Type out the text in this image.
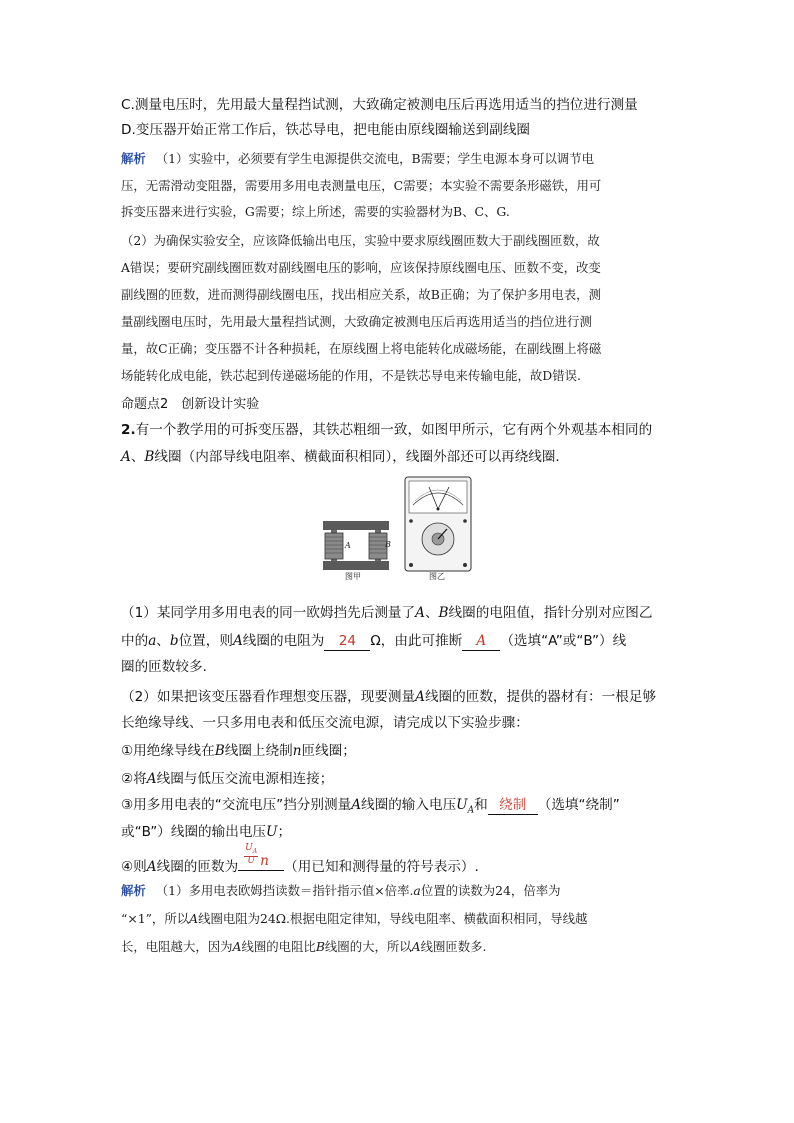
C.测量电压时，先用最大量程挡试测，大致确定被测电压后再选用适当的挡位进行测量
D.变压器开始正常工作后，铁芯导电，把电能由原线圈输送到副线圈
解析 （1）实验中，必须要有学生电源提供交流电，B需要；学生电源本身可以调节电
压，无需滑动变阻器，需要用多用电表测量电压，C需要；本实验不需要条形磁铁，用可
拆变压器来进行实验，G需要；综上所述，需要的实验器材为B、C、G.
（2）为确保实验安全，应该降低输出电压，实验中要求原线圈匝数大于副线圈匝数，故
A错误；要研究副线圈匝数对副线圈电压的影响，应该保持原线圈电压、匝数不变，改变
副线圈的匝数，进而测得副线圈电压，找出相应关系，故B正确；为了保护多用电表，测
量副线圈电压时，先用最大量程挡试测，大致确定被测电压后再选用适当的挡位进行测
量，故C正确；变压器不计各种损耗，在原线圈上将电能转化成磁场能，在副线圈上将磁
场能转化成电能，铁芯起到传递磁场能的作用，不是铁芯导电来传输电能，故D错误.
命题点2　创新设计实验
2.有一个教学用的可拆变压器，其铁芯粗细一致，如图甲所示，它有两个外观基本相同的
A、B线圈（内部导线电阻率、横截面积相同），线圈外部还可以再绕线圈.
A	B
图甲	图乙
（1）某同学用多用电表的同一欧姆挡先后测量了A、B线圈的电阻值，指针分别对应图乙
中的a、b位置，则A线圈的电阻为 24 Ω，由此可推断 A （选填“A”或“B”）线
圈的匝数较多.
（2）如果把该变压器看作理想变压器，现要测量A线圈的匝数，提供的器材有：一根足够
长绝缘导线、一只多用电表和低压交流电源，请完成以下实验步骤：
①用绝缘导线在B线圈上绕制n匝线圈；
②将A线圈与低压交流电源相连接；
③用多用电表的“交流电压”挡分别测量A线圈的输入电压$U_A$和 绕制 （选填“绕制”
或“B”）线圈的输出电压U；
④则A线圈的匝数为
$\frac{U_A}{U}$ n （用已知和测得量的符号表示）.
解析 （1）多用电表欧姆挡读数＝指针指示值×倍率.a位置的读数为24，倍率为
“×1”，所以A线圈电阻为24Ω.根据电阻定律知，导线电阻率、横截面积相同，导线越
长，电阻越大，因为A线圈的电阻比B线圈的大，所以A线圈匝数多.
